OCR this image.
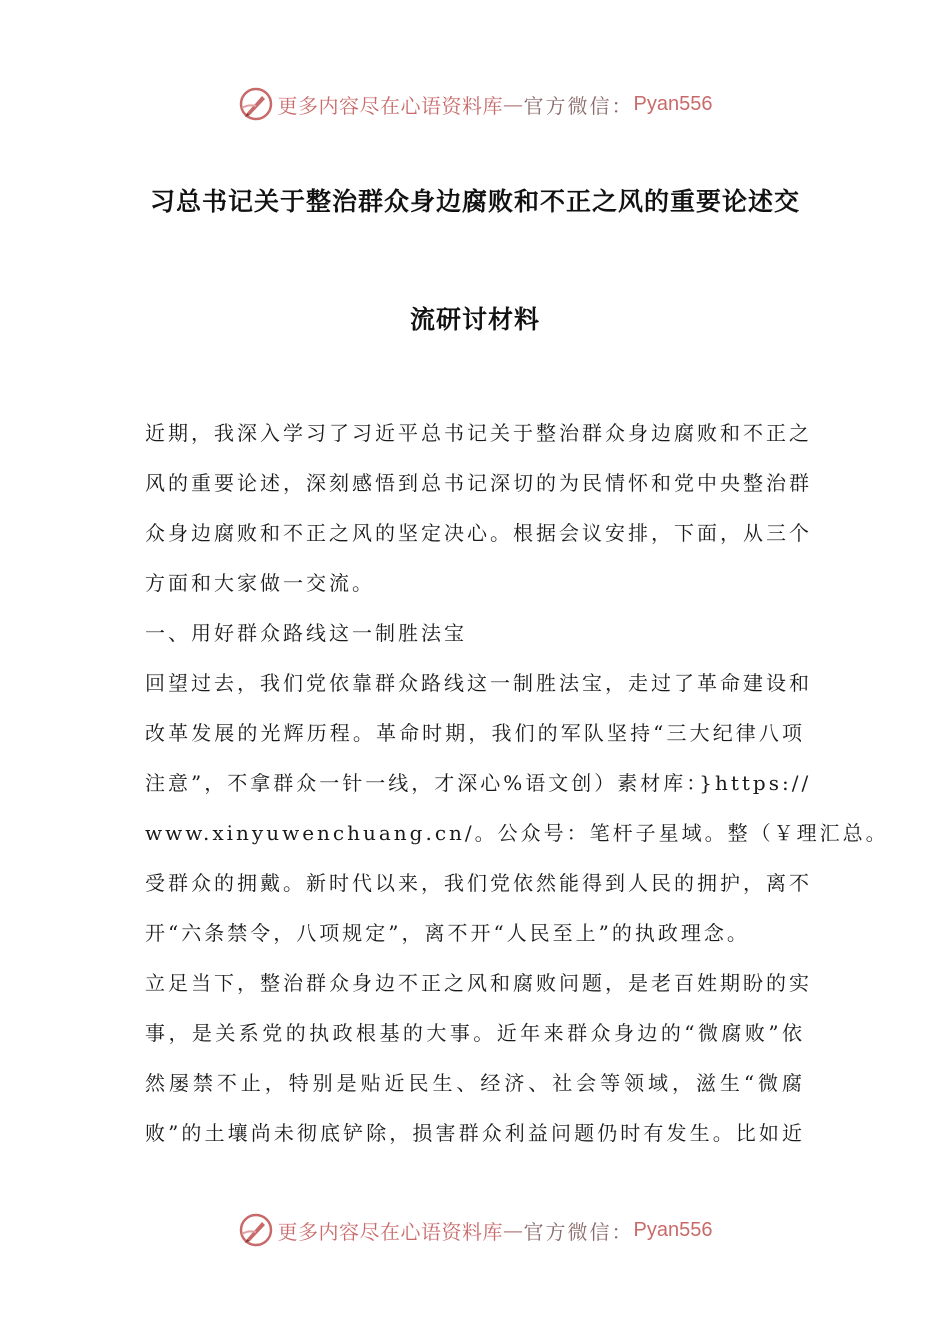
更多内容尽在心语资料库 — 官方微信： Pyan556
习总书记关于整治群众身边腐败和不正之风的重要论述交
流研讨材料
近期，我深入学习了习近平总书记关于整治群众身边腐败和不正之
风的重要论述，深刻感悟到总书记深切的为民情怀和党中央整治群
众身边腐败和不正之风的坚定决心。根据会议安排，下面，从三个
方面和大家做一交流。
一、用好群众路线这一制胜法宝
回望过去，我们党依靠群众路线这一制胜法宝，走过了革命建设和
改革发展的光辉历程。革命时期，我们的军队坚持“三大纪律八项
注意”，不拿群众一针一线，才深心%语文创）素材库：}https://
www.xinyuwenchuang.cn/。公众号：笔杆子星域。整（￥理汇总。
受群众的拥戴。新时代以来，我们党依然能得到人民的拥护，离不
开“六条禁令，八项规定”，离不开“人民至上”的执政理念。
立足当下，整治群众身边不正之风和腐败问题，是老百姓期盼的实
事，是关系党的执政根基的大事。近年来群众身边的“微腐败”依
然屡禁不止，特别是贴近民生、经济、社会等领域，滋生“微腐
败”的土壤尚未彻底铲除，损害群众利益问题仍时有发生。比如近
更多内容尽在心语资料库 — 官方微信： Pyan556
